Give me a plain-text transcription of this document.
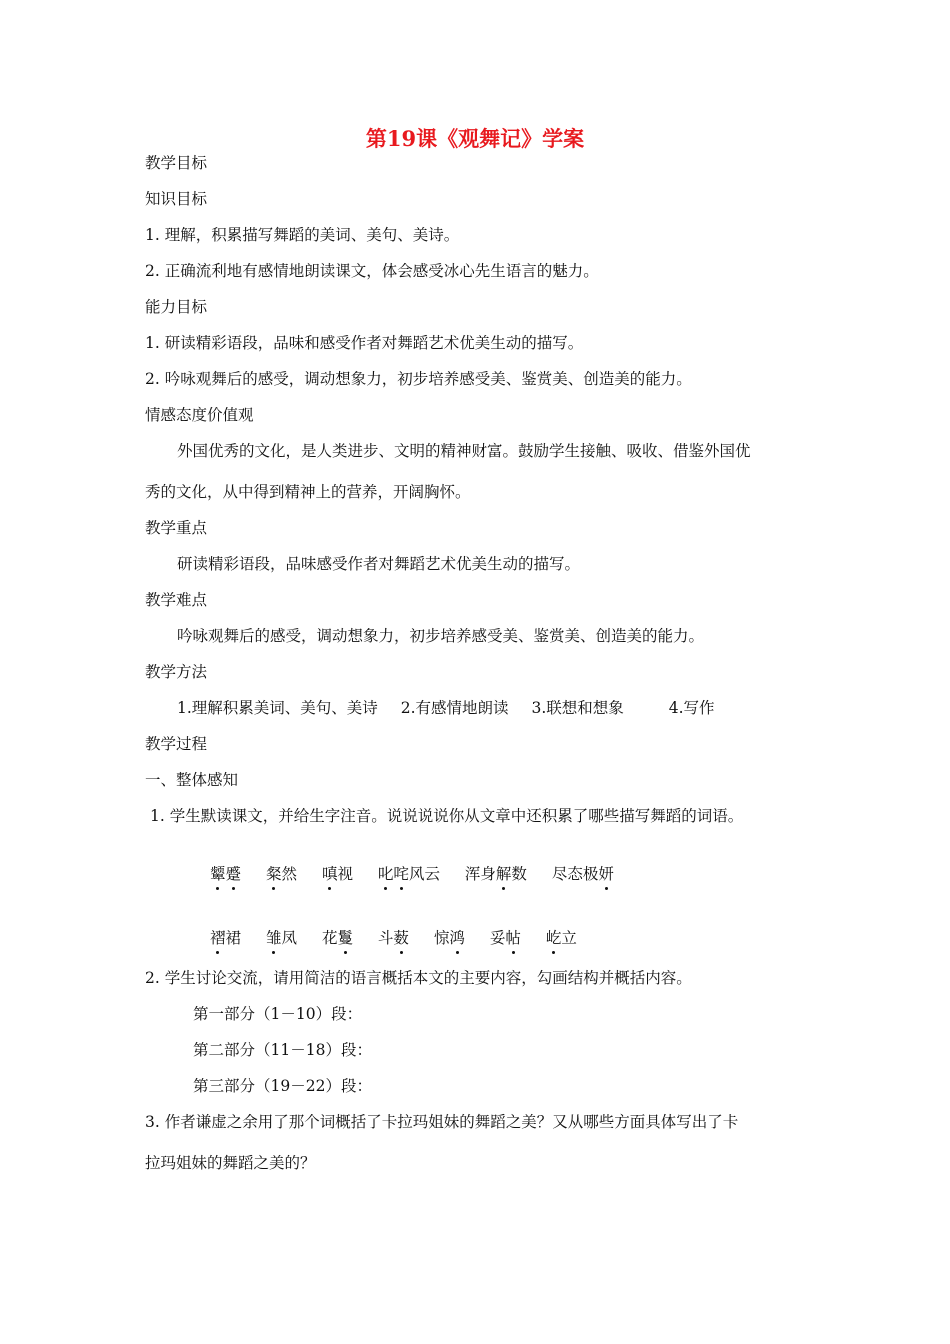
第19课《观舞记》学案

教学目标

知识目标

1. 理解，积累描写舞蹈的美词、美句、美诗。

2. 正确流利地有感情地朗读课文，体会感受冰心先生语言的魅力。

能力目标

1. 研读精彩语段，品味和感受作者对舞蹈艺术优美生动的描写。

2. 吟咏观舞后的感受，调动想象力，初步培养感受美、鉴赏美、创造美的能力。

情感态度价值观

外国优秀的文化，是人类进步、文明的精神财富。鼓励学生接触、吸收、借鉴外国优

秀的文化，从中得到精神上的营养，开阔胸怀。

教学重点

研读精彩语段，品味感受作者对舞蹈艺术优美生动的描写。

教学难点

吟咏观舞后的感受，调动想象力，初步培养感受美、鉴赏美、创造美的能力。

教学方法

1.理解积累美词、美句、美诗 2.有感情地朗读 3.联想和想象	4.写作

教学过程

一、整体感知

1. 学生默读课文，并给生字注音。说说说说你从文章中还积累了哪些描写舞蹈的词语。

颦蹙 粲然 嗔视 叱咤风云 浑身解数 尽态极妍
褶裙 雏凤 花鬘 斗薮 惊鸿 妥帖 屹立

2. 学生讨论交流，请用简洁的语言概括本文的主要内容，勾画结构并概括内容。

第一部分（1－10）段：

第二部分（11－18）段：

第三部分（19－22）段：

3. 作者谦虚之余用了那个词概括了卡拉玛姐妹的舞蹈之美？又从哪些方面具体写出了卡

拉玛姐妹的舞蹈之美的？
